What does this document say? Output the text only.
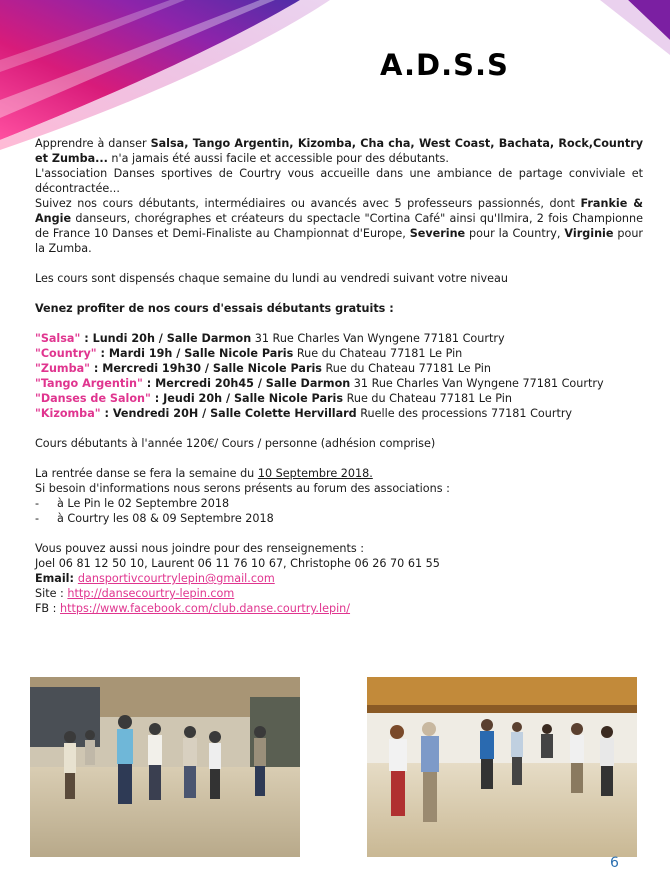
A.D.S.S

Apprendre à danser Salsa, Tango Argentin, Kizomba, Cha cha, West Coast, Bachata, Rock,Country et Zumba... n'a jamais été aussi facile et accessible pour des débutants.

L'association Danses sportives de Courtry vous accueille dans une ambiance de partage conviviale et décontractée...

Suivez nos cours débutants, intermédiaires ou avancés avec 5 professeurs passionnés, dont Frankie & Angie danseurs, chorégraphes et créateurs du spectacle "Cortina Café" ainsi qu'Ilmira, 2 fois Championne de France 10 Danses et Demi-Finaliste au Championnat d'Europe, Severine pour la Country, Virginie pour la Zumba.

Les cours sont dispensés chaque semaine du lundi au vendredi suivant votre niveau

Venez profiter de nos cours d'essais débutants gratuits :

"Salsa" : Lundi 20h / Salle Darmon 31 Rue Charles Van Wyngene 77181 Courtry

"Country" : Mardi 19h / Salle Nicole Paris Rue du Chateau 77181 Le Pin

"Zumba" : Mercredi 19h30 / Salle Nicole Paris Rue du Chateau 77181 Le Pin

"Tango Argentin" : Mercredi 20h45 / Salle Darmon 31 Rue Charles Van Wyngene 77181 Courtry

"Danses de Salon" : Jeudi 20h / Salle Nicole Paris Rue du Chateau 77181 Le Pin

"Kizomba" : Vendredi 20H / Salle Colette Hervillard Ruelle des processions 77181 Courtry

Cours débutants à l'année 120€/ Cours / personne (adhésion comprise)

La rentrée danse se fera la semaine du 10 Septembre 2018.

Si besoin d'informations nous serons présents au forum des associations :

- à Le Pin le 02 Septembre 2018

- à Courtry les 08 & 09 Septembre 2018

Vous pouvez aussi nous joindre pour des renseignements :

Joel 06 81 12 50 10, Laurent 06 11 76 10 67, Christophe 06 26 70 61 55

Email: dansportivcourtrylepin@gmail.com

Site : http://dansecourtry-lepin.com

FB : https://www.facebook.com/club.danse.courtry.lepin/

6
